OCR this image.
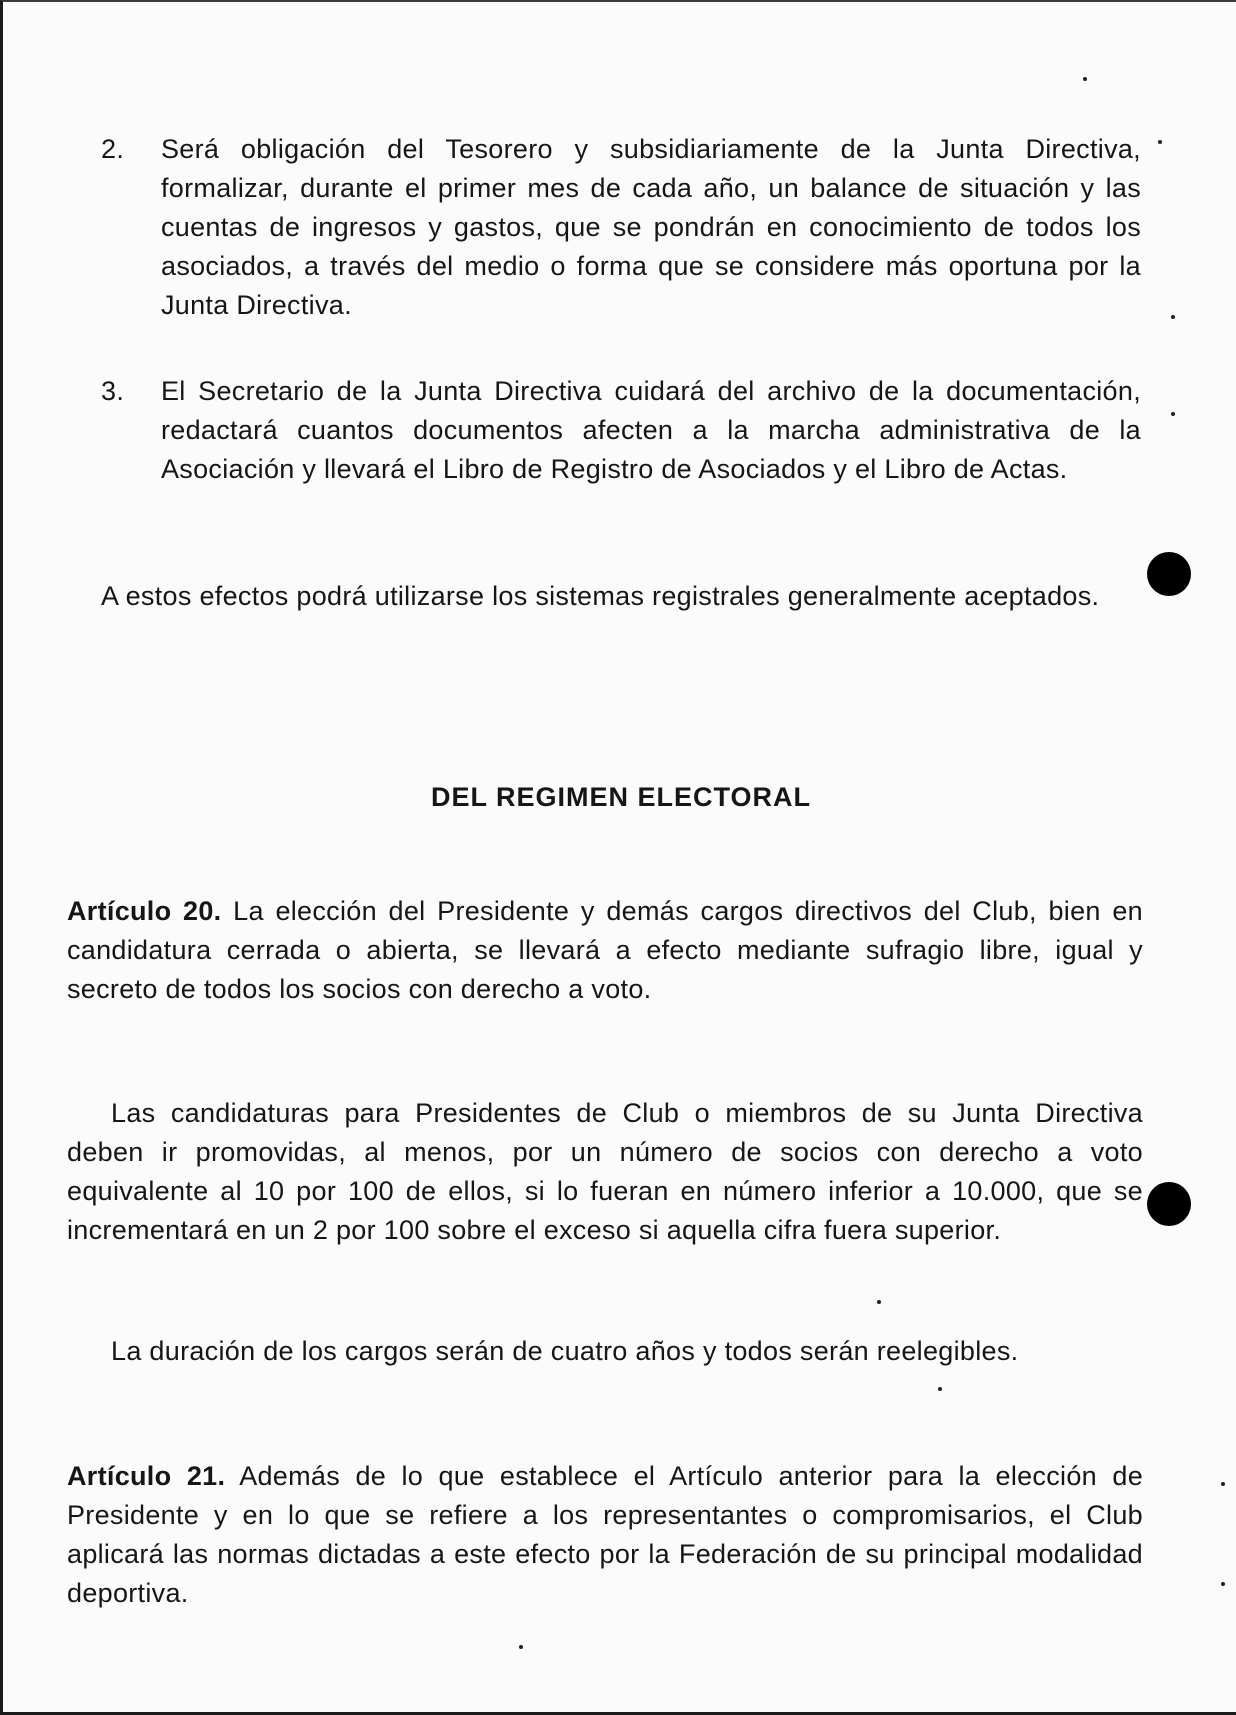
2.	Será obligación del Tesorero y subsidiariamente de la Junta Directiva, formalizar, durante el primer mes de cada año, un balance de situación y las cuentas de ingresos y gastos, que se pondrán en conocimiento de todos los asociados, a través del medio o forma que se considere más oportuna por la Junta Directiva.
3.	El Secretario de la Junta Directiva cuidará del archivo de la documentación, redactará cuantos documentos afecten a la marcha administrativa de la Asociación y llevará el Libro de Registro de Asociados y el Libro de Actas.

A estos efectos podrá utilizarse los sistemas registrales generalmente aceptados.

DEL REGIMEN ELECTORAL

Artículo 20. La elección del Presidente y demás cargos directivos del Club, bien en candidatura cerrada o abierta, se llevará a efecto mediante sufragio libre, igual y secreto de todos los socios con derecho a voto.

Las candidaturas para Presidentes de Club o miembros de su Junta Directiva deben ir promovidas, al menos, por un número de socios con derecho a voto equivalente al 10 por 100 de ellos, si lo fueran en número inferior a 10.000, que se incrementará en un 2 por 100 sobre el exceso si aquella cifra fuera superior.

La duración de los cargos serán de cuatro años y todos serán reelegibles.

Artículo 21. Además de lo que establece el Artículo anterior para la elección de Presidente y en lo que se refiere a los representantes o compromisarios, el Club aplicará las normas dictadas a este efecto por la Federación de su principal modalidad deportiva.
